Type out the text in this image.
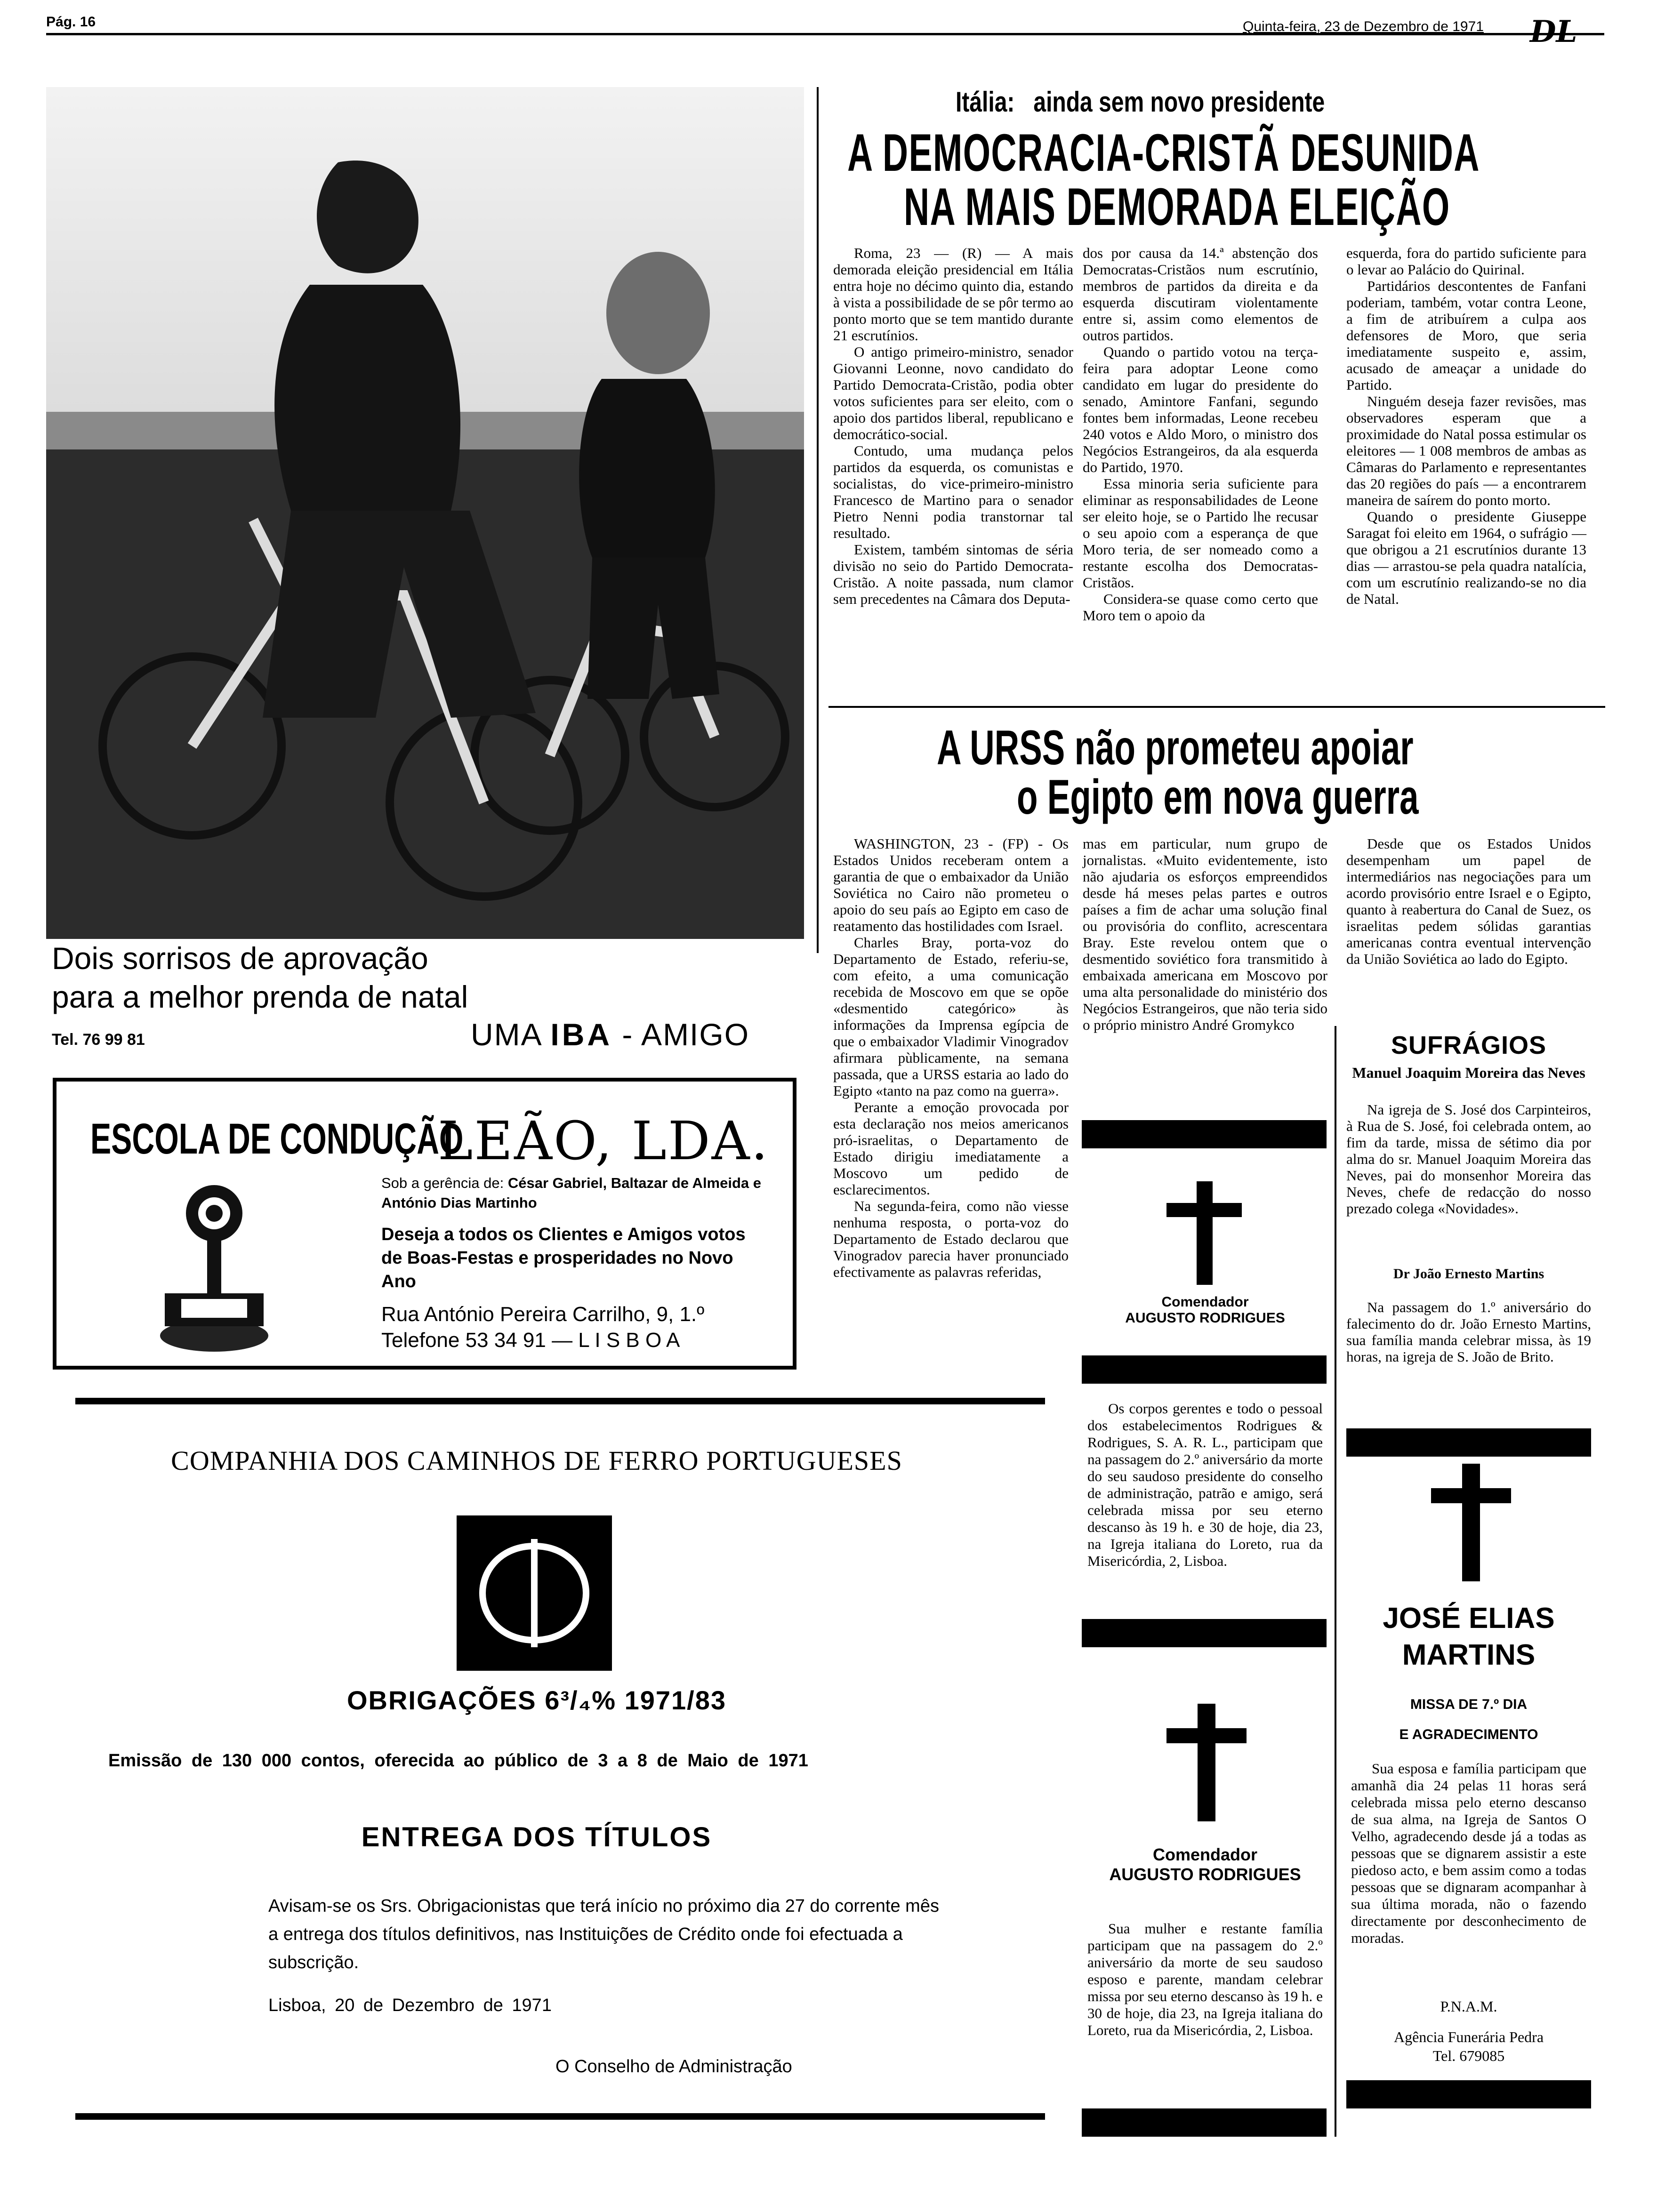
Pág. 16	Quinta-feira, 23 de Dezembro de 1971 DL
Dois sorrisos de aprovação
para a melhor prenda de natal
Tel. 76 99 81	UMA IBA - AMIGO
ESCOLA DE CONDUÇÃO
LEÃO, LDA.
Sob a gerência de: César Gabriel, Baltazar de Almeida e António Dias Martinho
Deseja a todos os Clientes e Amigos votos de Boas-Festas e prosperidades no Novo Ano
Rua António Pereira Carrilho, 9, 1.º
Telefone 53 34 91 — L I S B O A
COMPANHIA DOS CAMINHOS DE FERRO PORTUGUESES
OBRIGAÇÕES 6³/₄% 1971/83
Emissão de 130 000 contos, oferecida ao público de 3 a 8 de Maio de 1971
ENTREGA DOS TÍTULOS
Avisam-se os Srs. Obrigacionistas que terá início no próximo dia 27 do corrente mês a entrega dos títulos definitivos, nas Instituições de Crédito onde foi efectuada a subscrição.
Lisboa, 20 de Dezembro de 1971
O Conselho de Administração
Itália: ainda sem novo presidente
A DEMOCRACIA-CRISTÃ DESUNIDA
NA MAIS DEMORADA ELEIÇÃO

Roma, 23 — (R) — A mais demorada eleição presidencial em Itália entra hoje no décimo quinto dia, estando à vista a possibilidade de se pôr termo ao ponto morto que se tem mantido durante 21 escrutínios.

O antigo primeiro-ministro, senador Giovanni Leonne, novo candidato do Partido Democrata-Cristão, podia obter votos suficientes para ser eleito, com o apoio dos partidos liberal, republicano e democrático-social.

Contudo, uma mudança pelos partidos da esquerda, os comunistas e socialistas, do vice-primeiro-ministro Francesco de Martino para o senador Pietro Nenni podia transtornar tal resultado.

Existem, também sintomas de séria divisão no seio do Partido Democrata-Cristão. A noite passada, num clamor sem precedentes na Câmara dos Deputa-

dos por causa da 14.ª abstenção dos Democratas-Cristãos num escrutínio, membros de partidos da direita e da esquerda discutiram violentamente entre si, assim como elementos de outros partidos.

Quando o partido votou na terça-feira para adoptar Leone como candidato em lugar do presidente do senado, Amintore Fanfani, segundo fontes bem informadas, Leone recebeu 240 votos e Aldo Moro, o ministro dos Negócios Estrangeiros, da ala esquerda do Partido, 1970.

Essa minoria seria suficiente para eliminar as responsabilidades de Leone ser eleito hoje, se o Partido lhe recusar o seu apoio com a esperança de que Moro teria, de ser nomeado como a restante escolha dos Democratas-Cristãos.

Considera-se quase como certo que Moro tem o apoio da

esquerda, fora do partido suficiente para o levar ao Palácio do Quirinal.

Partidários descontentes de Fanfani poderiam, também, votar contra Leone, a fim de atribuírem a culpa aos defensores de Moro, que seria imediatamente suspeito e, assim, acusado de ameaçar a unidade do Partido.

Ninguém deseja fazer revisões, mas observadores esperam que a proximidade do Natal possa estimular os eleitores — 1 008 membros de ambas as Câmaras do Parlamento e representantes das 20 regiões do país — a encontrarem maneira de saírem do ponto morto.

Quando o presidente Giuseppe Saragat foi eleito em 1964, o sufrágio — que obrigou a 21 escrutínios durante 13 dias — arrastou-se pela quadra natalícia, com um escrutínio realizando-se no dia de Natal.

A URSS não prometeu apoiar
o Egipto em nova guerra

WASHINGTON, 23 - (FP) - Os Estados Unidos receberam ontem a garantia de que o embaixador da União Soviética no Cairo não prometeu o apoio do seu país ao Egipto em caso de reatamento das hostilidades com Israel.

Charles Bray, porta-voz do Departamento de Estado, referiu-se, com efeito, a uma comunicação recebida de Moscovo em que se opõe «desmentido categórico» às informações da Imprensa egípcia de que o embaixador Vladimir Vinogradov afirmara pùblicamente, na semana passada, que a URSS estaria ao lado do Egipto «tanto na paz como na guerra».

Perante a emoção provocada por esta declaração nos meios americanos pró-israelitas, o Departamento de Estado dirigiu imediatamente a Moscovo um pedido de esclarecimentos.

Na segunda-feira, como não viesse nenhuma resposta, o porta-voz do Departamento de Estado declarou que Vinogradov parecia haver pronunciado efectivamente as palavras referidas,

mas em particular, num grupo de jornalistas. «Muito evidentemente, isto não ajudaria os esforços empreendidos desde há meses pelas partes e outros países a fim de achar uma solução final ou provisória do conflito, acrescentara Bray. Este revelou ontem que o desmentido soviético fora transmitido à embaixada americana em Moscovo por uma alta personalidade do ministério dos Negócios Estrangeiros, que não teria sido o próprio ministro André Gromykco

Desde que os Estados Unidos desempenham um papel de intermediários nas negociações para um acordo provisório entre Israel e o Egipto, quanto à reabertura do Canal de Suez, os israelitas pedem sólidas garantias americanas contra eventual intervenção da União Soviética ao lado do Egipto.

Comendador
AUGUSTO RODRIGUES

Os corpos gerentes e todo o pessoal dos estabelecimentos Rodrigues & Rodrigues, S. A. R. L., participam que na passagem do 2.º aniversário da morte do seu saudoso presidente do conselho de administração, patrão e amigo, será celebrada missa por seu eterno descanso às 19 h. e 30 de hoje, dia 23, na Igreja italiana do Loreto, rua da Misericórdia, 2, Lisboa.

Comendador
AUGUSTO RODRIGUES

Sua mulher e restante família participam que na passagem do 2.º aniversário da morte de seu saudoso esposo e parente, mandam celebrar missa por seu eterno descanso às 19 h. e 30 de hoje, dia 23, na Igreja italiana do Loreto, rua da Misericórdia, 2, Lisboa.

SUFRÁGIOS
Manuel Joaquim Moreira das Neves

Na igreja de S. José dos Carpinteiros, à Rua de S. José, foi celebrada ontem, ao fim da tarde, missa de sétimo dia por alma do sr. Manuel Joaquim Moreira das Neves, pai do monsenhor Moreira das Neves, chefe de redacção do nosso prezado colega «Novidades».

Dr João Ernesto Martins

Na passagem do 1.º aniversário do falecimento do dr. João Ernesto Martins, sua família manda celebrar missa, às 19 horas, na igreja de S. João de Brito.

JOSÉ ELIAS
MARTINS
MISSA DE 7.º DIA
E AGRADECIMENTO

Sua esposa e família participam que amanhã dia 24 pelas 11 horas será celebrada missa pelo eterno descanso de sua alma, na Igreja de Santos O Velho, agradecendo desde já a todas as pessoas que se dignarem assistir a este piedoso acto, e bem assim como a todas pessoas que se dignaram acompanhar à sua última morada, não o fazendo directamente por desconhecimento de moradas.

P.N.A.M.
Agência Funerária Pedra
Tel. 679085
